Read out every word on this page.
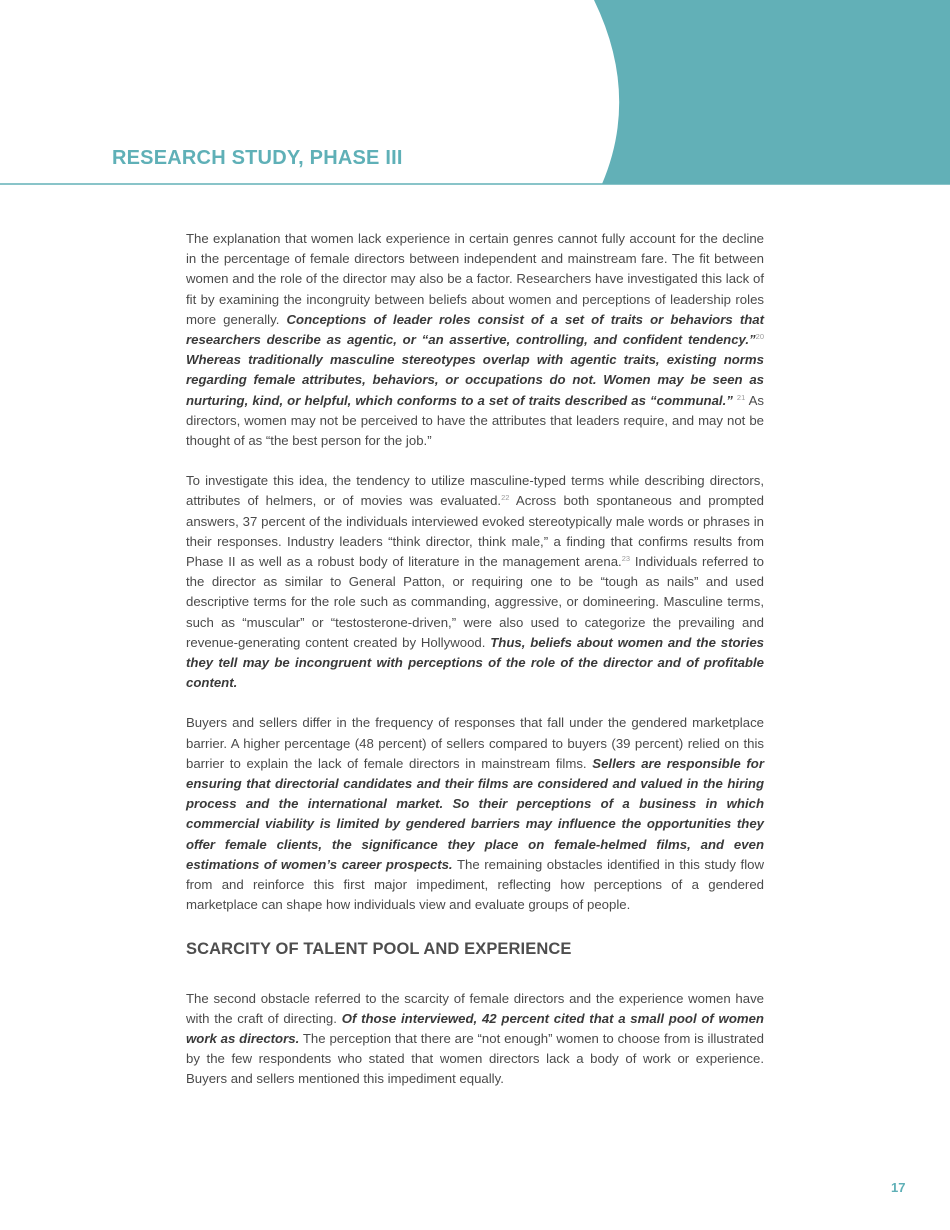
RESEARCH STUDY, PHASE III

The explanation that women lack experience in certain genres cannot fully account for the decline in the percentage of female directors between independent and mainstream fare. The fit between women and the role of the director may also be a factor. Researchers have investigated this lack of fit by examining the incongruity between beliefs about women and perceptions of leadership roles more generally. Conceptions of leader roles consist of a set of traits or behaviors that researchers describe as agentic, or “an assertive, controlling, and confident tendency.”$^{20}$ Whereas traditionally masculine stereotypes overlap with agentic traits, existing norms regarding female attributes, behaviors, or occupations do not. Women may be seen as nurturing, kind, or helpful, which conforms to a set of traits described as “communal.” $^{21}$ As directors, women may not be perceived to have the attributes that leaders require, and may not be thought of as “the best person for the job.”

To investigate this idea, the tendency to utilize masculine-typed terms while describing directors, attributes of helmers, or of movies was evaluated.$^{22}$ Across both spontaneous and prompted answers, 37 percent of the individuals interviewed evoked stereotypically male words or phrases in their responses. Industry leaders “think director, think male,” a finding that confirms results from Phase II as well as a robust body of literature in the management arena.$^{23}$ Individuals referred to the director as similar to General Patton, or requiring one to be “tough as nails” and used descriptive terms for the role such as commanding, aggressive, or domineering. Masculine terms, such as “muscular” or “testosterone-driven,” were also used to categorize the prevailing and revenue-generating content created by Hollywood. Thus, beliefs about women and the stories they tell may be incongruent with perceptions of the role of the director and of profitable content.

Buyers and sellers differ in the frequency of responses that fall under the gendered marketplace barrier. A higher percentage (48 percent) of sellers compared to buyers (39 percent) relied on this barrier to explain the lack of female directors in mainstream films. Sellers are responsible for ensuring that directorial candidates and their films are considered and valued in the hiring process and the international market. So their perceptions of a business in which commercial viability is limited by gendered barriers may influence the opportunities they offer female clients, the significance they place on female-helmed films, and even estimations of women’s career prospects. The remaining obstacles identified in this study flow from and reinforce this first major impediment, reflecting how perceptions of a gendered marketplace can shape how individuals view and evaluate groups of people.

SCARCITY OF TALENT POOL AND EXPERIENCE

The second obstacle referred to the scarcity of female directors and the experience women have with the craft of directing. Of those interviewed, 42 percent cited that a small pool of women work as directors. The perception that there are “not enough” women to choose from is illustrated by the few respondents who stated that women directors lack a body of work or experience. Buyers and sellers mentioned this impediment equally.

17
